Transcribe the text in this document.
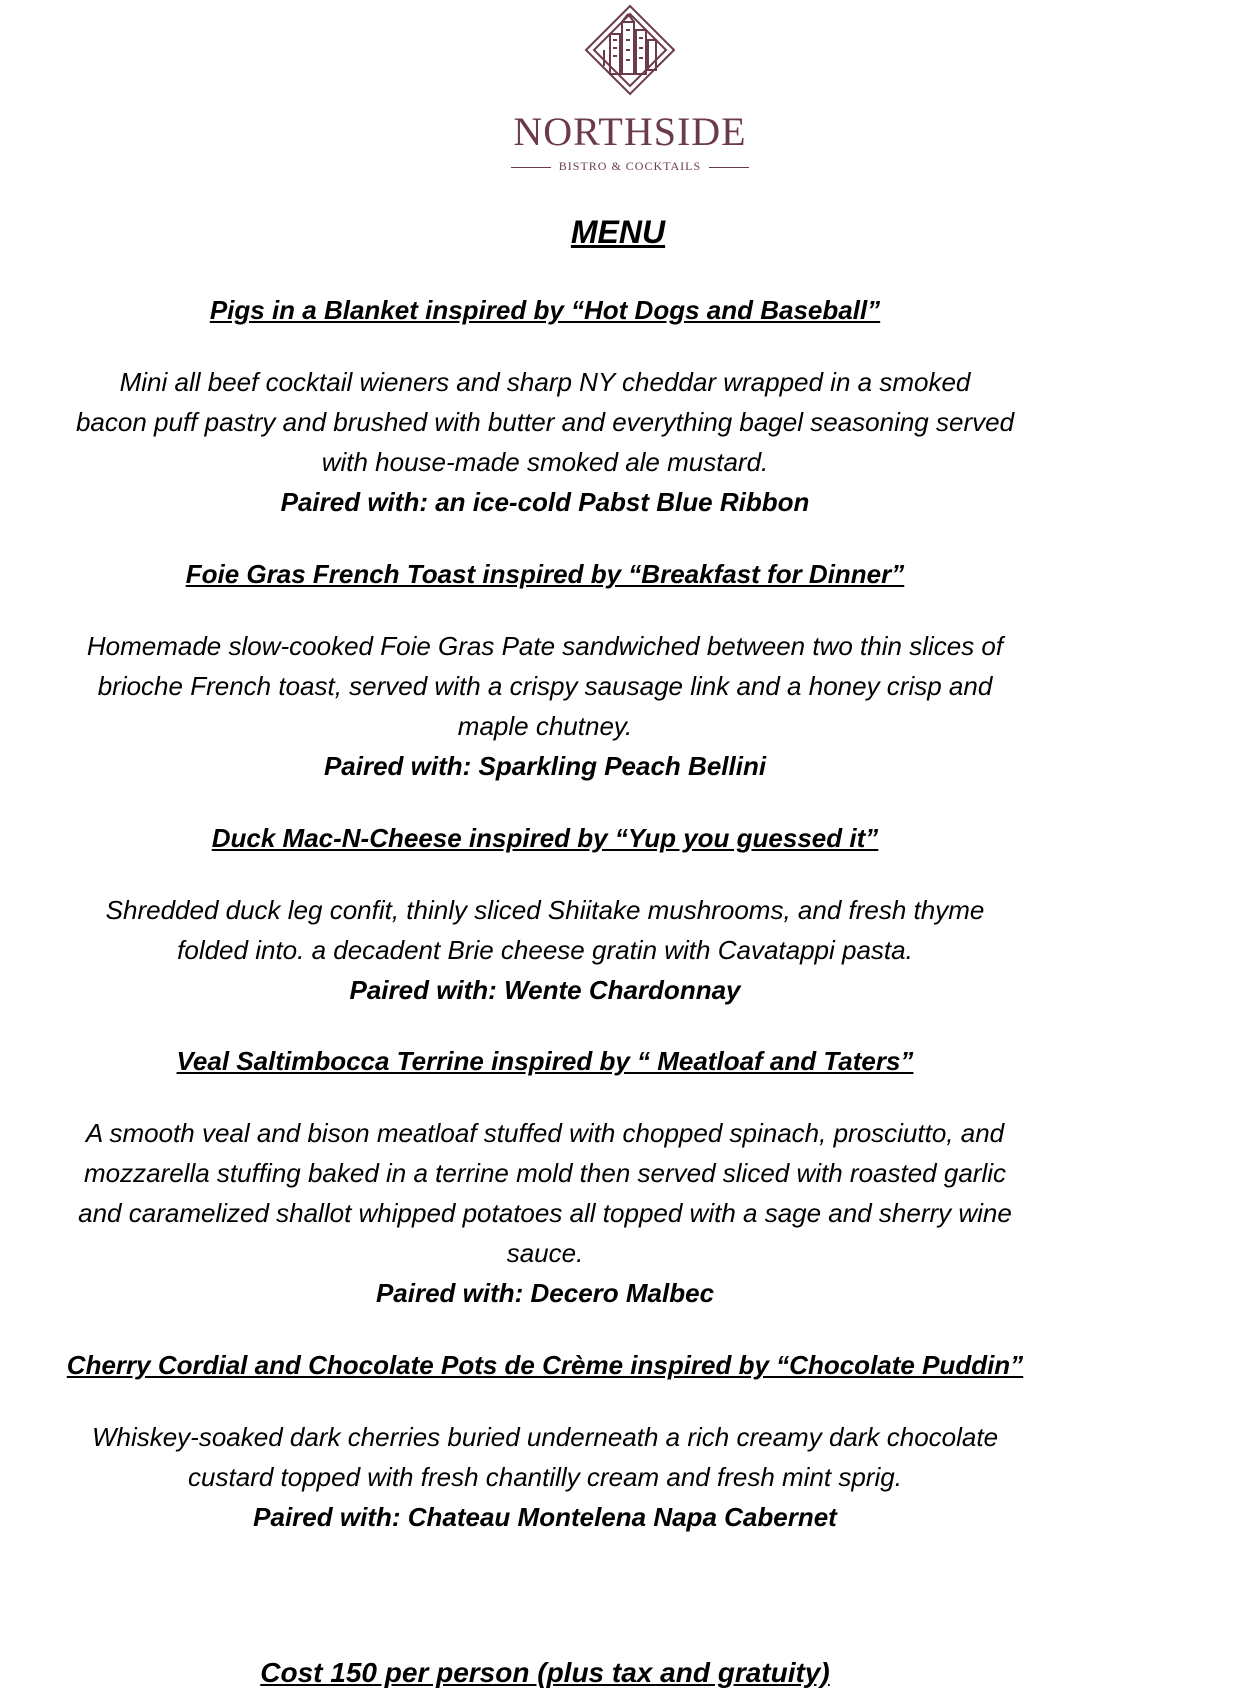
NORTHSIDE
BISTRO & COCKTAILS
MENU

Pigs in a Blanket inspired by “Hot Dogs and Baseball”

Mini all beef cocktail wieners and sharp NY cheddar wrapped in a smoked
bacon puff pastry and brushed with butter and everything bagel seasoning served
with house-made smoked ale mustard.

Paired with: an ice-cold Pabst Blue Ribbon

Foie Gras French Toast inspired by “Breakfast for Dinner”

Homemade slow-cooked Foie Gras Pate sandwiched between two thin slices of
brioche French toast, served with a crispy sausage link and a honey crisp and
maple chutney.

Paired with: Sparkling Peach Bellini

Duck Mac-N-Cheese inspired by “Yup you guessed it”

Shredded duck leg confit, thinly sliced Shiitake mushrooms, and fresh thyme
folded into. a decadent Brie cheese gratin with Cavatappi pasta.

Paired with: Wente Chardonnay

Veal Saltimbocca Terrine inspired by “ Meatloaf and Taters”

A smooth veal and bison meatloaf stuffed with chopped spinach, prosciutto, and
mozzarella stuffing baked in a terrine mold then served sliced with roasted garlic
and caramelized shallot whipped potatoes all topped with a sage and sherry wine
sauce.

Paired with: Decero Malbec

Cherry Cordial and Chocolate Pots de Crème inspired by “Chocolate Puddin”

Whiskey-soaked dark cherries buried underneath a rich creamy dark chocolate
custard topped with fresh chantilly cream and fresh mint sprig.

Paired with: Chateau Montelena Napa Cabernet

Cost 150 per person (plus tax and gratuity)
